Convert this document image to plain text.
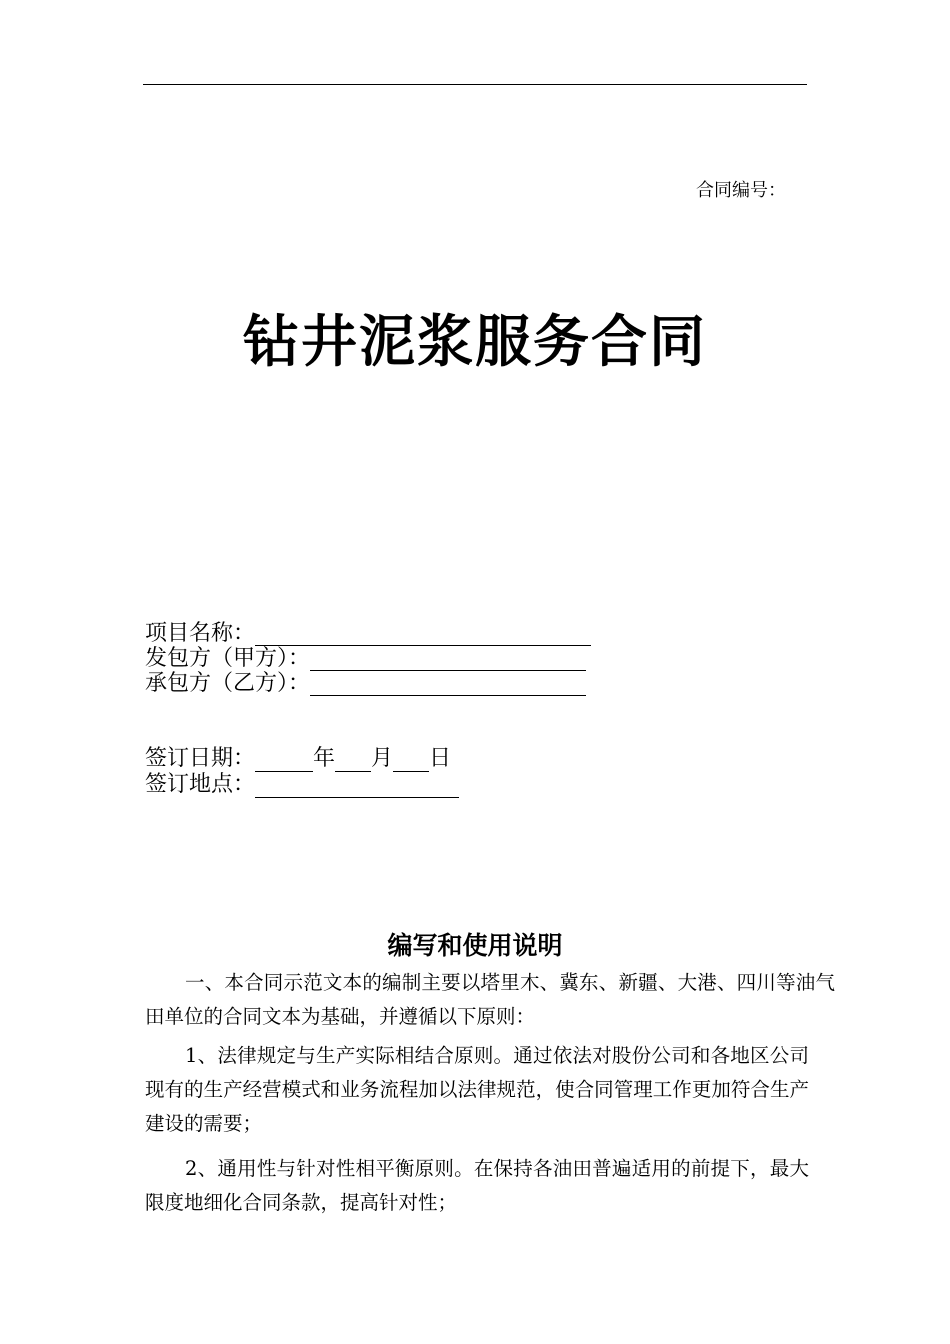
合同编号：
钻井泥浆服务合同
项目名称：
发包方（甲方）：
承包方（乙方）：
签订日期：	年 月 日
签订地点：
编写和使用说明
一、本合同示范文本的编制主要以塔里木、冀东、新疆、大港、四川等油气田单位的合同文本为基础，并遵循以下原则：
1、法律规定与生产实际相结合原则。通过依法对股份公司和各地区公司现有的生产经营模式和业务流程加以法律规范，使合同管理工作更加符合生产建设的需要；
2、通用性与针对性相平衡原则。在保持各油田普遍适用的前提下，最大限度地细化合同条款，提高针对性；
